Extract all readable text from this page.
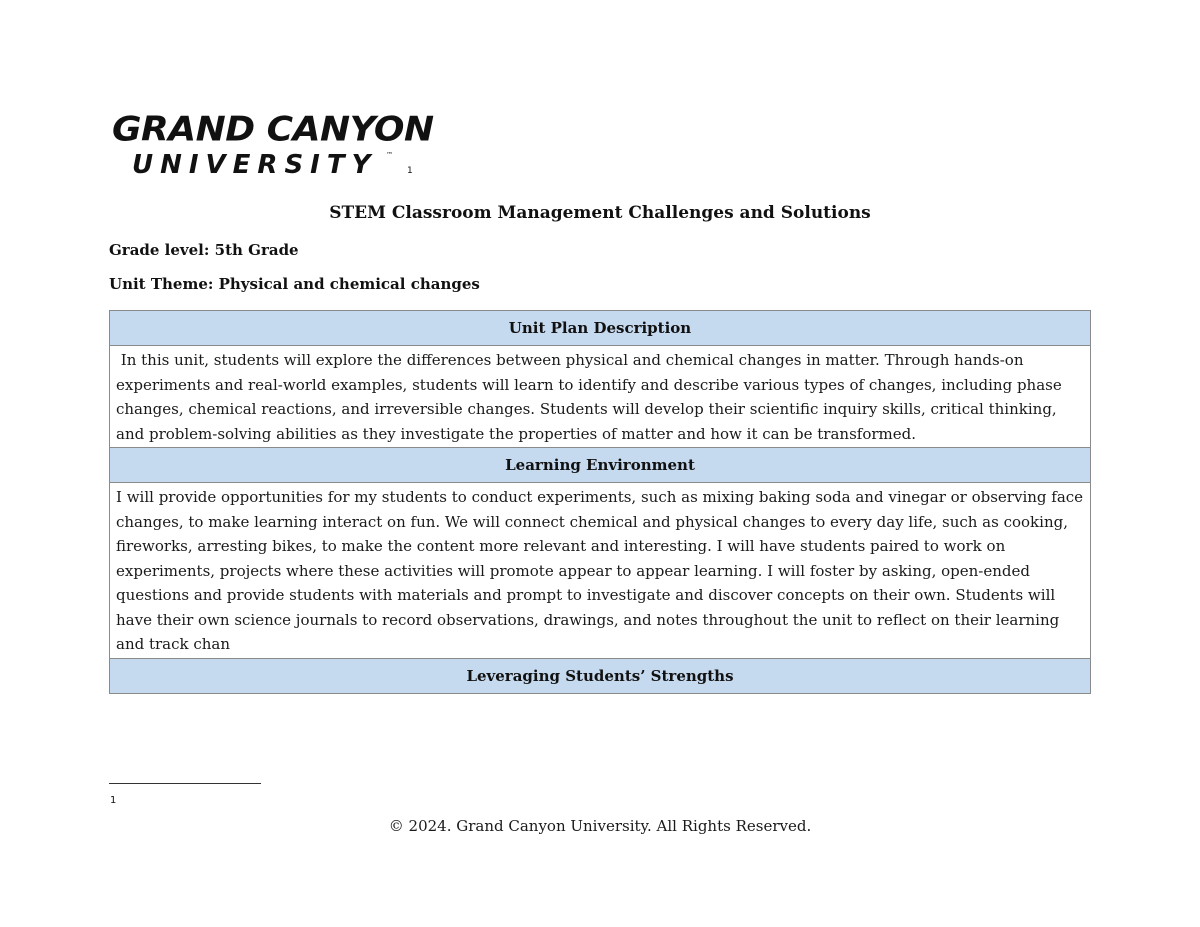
GRAND CANYON
UNIVERSITY ™
1
STEM Classroom Management Challenges and Solutions
Grade level: 5th Grade
Unit Theme: Physical and chemical changes
Unit Plan Description
In this unit, students will explore the differences between physical and chemical changes in matter. Through hands-on experiments and real-world examples, students will learn to identify and describe various types of changes, including phase changes, chemical reactions, and irreversible changes. Students will develop their scientific inquiry skills, critical thinking, and problem-solving abilities as they investigate the properties of matter and how it can be transformed.
Learning Environment
I will provide opportunities for my students to conduct experiments, such as mixing baking soda and vinegar or observing face changes, to make learning interact on fun. We will connect chemical and physical changes to every day life, such as cooking, fireworks, arresting bikes, to make the content more relevant and interesting. I will have students paired to work on experiments, projects where these activities will promote appear to appear learning. I will foster by asking, open-ended questions and provide students with materials and prompt to investigate and discover concepts on their own. Students will have their own science journals to record observations, drawings, and notes throughout the unit to reflect on their learning and track chan
Leveraging Students’ Strengths
1
© 2024. Grand Canyon University. All Rights Reserved.
